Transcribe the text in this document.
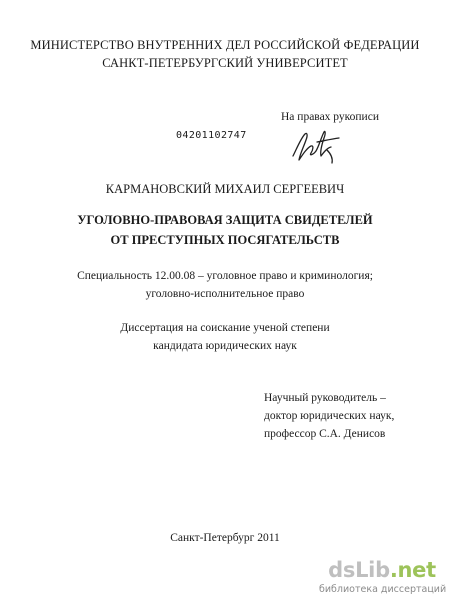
МИНИСТЕРСТВО ВНУТРЕННИХ ДЕЛ РОССИЙСКОЙ ФЕДЕРАЦИИ
САНКТ-ПЕТЕРБУРГСКИЙ УНИВЕРСИТЕТ
На правах рукописи
04201102747
КАРМАНОВСКИЙ МИХАИЛ СЕРГЕЕВИЧ
УГОЛОВНО-ПРАВОВАЯ ЗАЩИТА СВИДЕТЕЛЕЙ
ОТ ПРЕСТУПНЫХ ПОСЯГАТЕЛЬСТВ
Специальность 12.00.08 – уголовное право и криминология;
уголовно-исполнительное право
Диссертация на соискание ученой степени
кандидата юридических наук
Научный руководитель –
доктор юридических наук,
профессор С.А. Денисов
Санкт-Петербург 2011
dsLib.net
библиотека диссертаций
